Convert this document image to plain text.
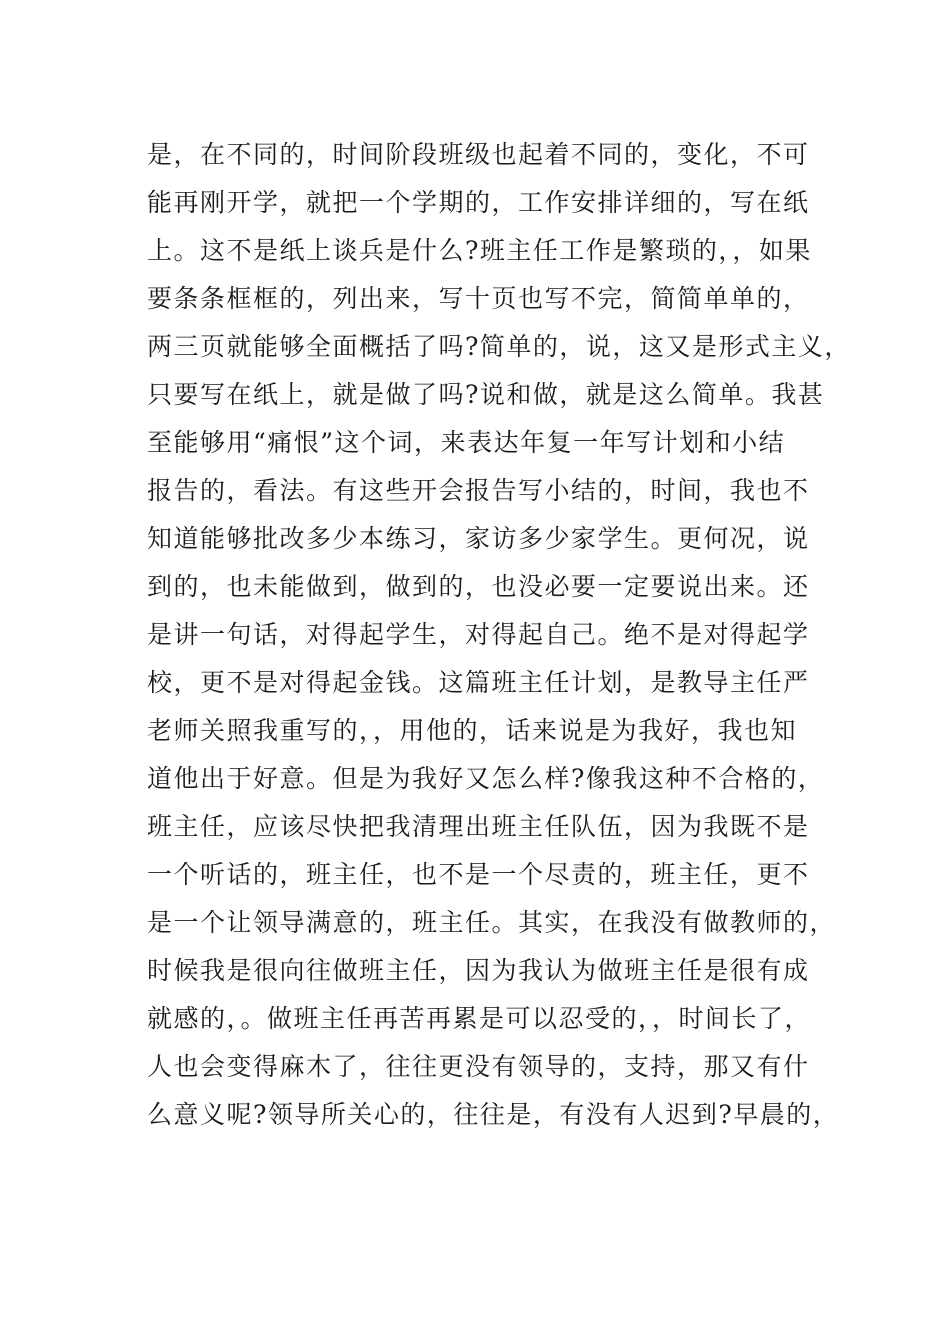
是，在不同的，时间阶段班级也起着不同的，变化，不可
能再刚开学，就把一个学期的，工作安排详细的，写在纸
上。这不是纸上谈兵是什么?班主任工作是繁琐的，，如果
要条条框框的，列出来，写十页也写不完，简简单单的，
两三页就能够全面概括了吗?简单的，说，这又是形式主义，
只要写在纸上，就是做了吗?说和做，就是这么简单。我甚
至能够用“痛恨”这个词，来表达年复一年写计划和小结
报告的，看法。有这些开会报告写小结的，时间，我也不
知道能够批改多少本练习，家访多少家学生。更何况，说
到的，也未能做到，做到的，也没必要一定要说出来。还
是讲一句话，对得起学生，对得起自己。绝不是对得起学
校，更不是对得起金钱。这篇班主任计划，是教导主任严
老师关照我重写的，，用他的，话来说是为我好，我也知
道他出于好意。但是为我好又怎么样?像我这种不合格的，
班主任，应该尽快把我清理出班主任队伍，因为我既不是
一个听话的，班主任，也不是一个尽责的，班主任，更不
是一个让领导满意的，班主任。其实，在我没有做教师的，
时候我是很向往做班主任，因为我认为做班主任是很有成
就感的，。做班主任再苦再累是可以忍受的，，时间长了，
人也会变得麻木了，往往更没有领导的，支持，那又有什
么意义呢?领导所关心的，往往是，有没有人迟到?早晨的，
